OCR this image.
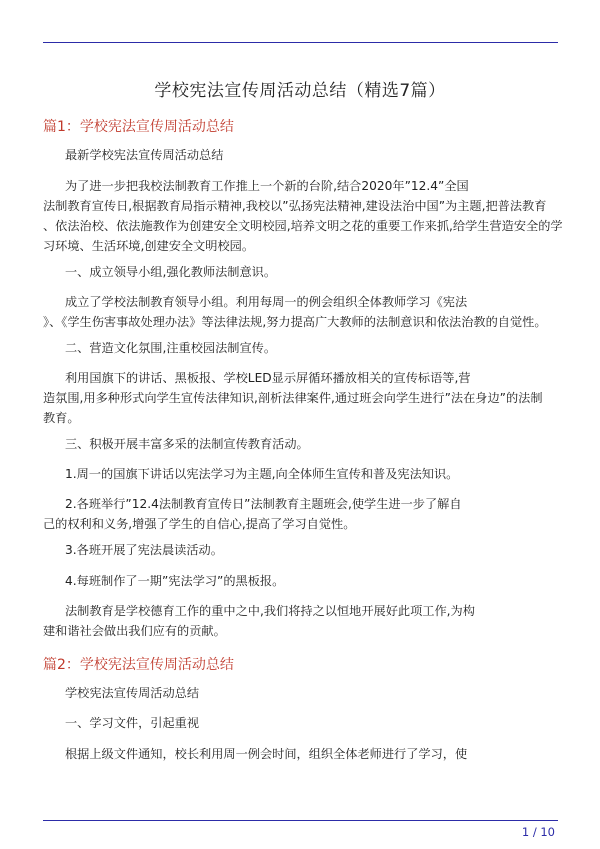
学校宪法宣传周活动总结（精选7篇）
篇1：学校宪法宣传周活动总结
最新学校宪法宣传周活动总结
为了进一步把我校法制教育工作推上一个新的台阶,结合2020年”12.4”全国
法制教育宣传日,根据教育局指示精神,我校以”弘扬宪法精神,建设法治中国”为主题,把普法教育
、依法治校、依法施教作为创建安全文明校园,培养文明之花的重要工作来抓,给学生营造安全的学
习环境、生活环境,创建安全文明校园。
一、成立领导小组,强化教师法制意识。
成立了学校法制教育领导小组。利用每周一的例会组织全体教师学习《宪法
》、《学生伤害事故处理办法》等法律法规,努力提高广大教师的法制意识和依法治教的自觉性。
二、营造文化氛围,注重校园法制宣传。
利用国旗下的讲话、黑板报、学校LED显示屏循环播放相关的宣传标语等,营
造氛围,用多种形式向学生宣传法律知识,剖析法律案件,通过班会向学生进行”法在身边”的法制
教育。
三、积极开展丰富多采的法制宣传教育活动。
1.周一的国旗下讲话以宪法学习为主题,向全体师生宣传和普及宪法知识。
2.各班举行”12.4法制教育宣传日”法制教育主题班会,使学生进一步了解自
己的权利和义务,增强了学生的自信心,提高了学习自觉性。
3.各班开展了宪法晨读活动。
4.每班制作了一期”宪法学习”的黑板报。
法制教育是学校德育工作的重中之中,我们将持之以恒地开展好此项工作,为构
建和谐社会做出我们应有的贡献。
篇2：学校宪法宣传周活动总结
学校宪法宣传周活动总结
一、学习文件，引起重视
根据上级文件通知，校长利用周一例会时间，组织全体老师进行了学习，使
1 / 10
